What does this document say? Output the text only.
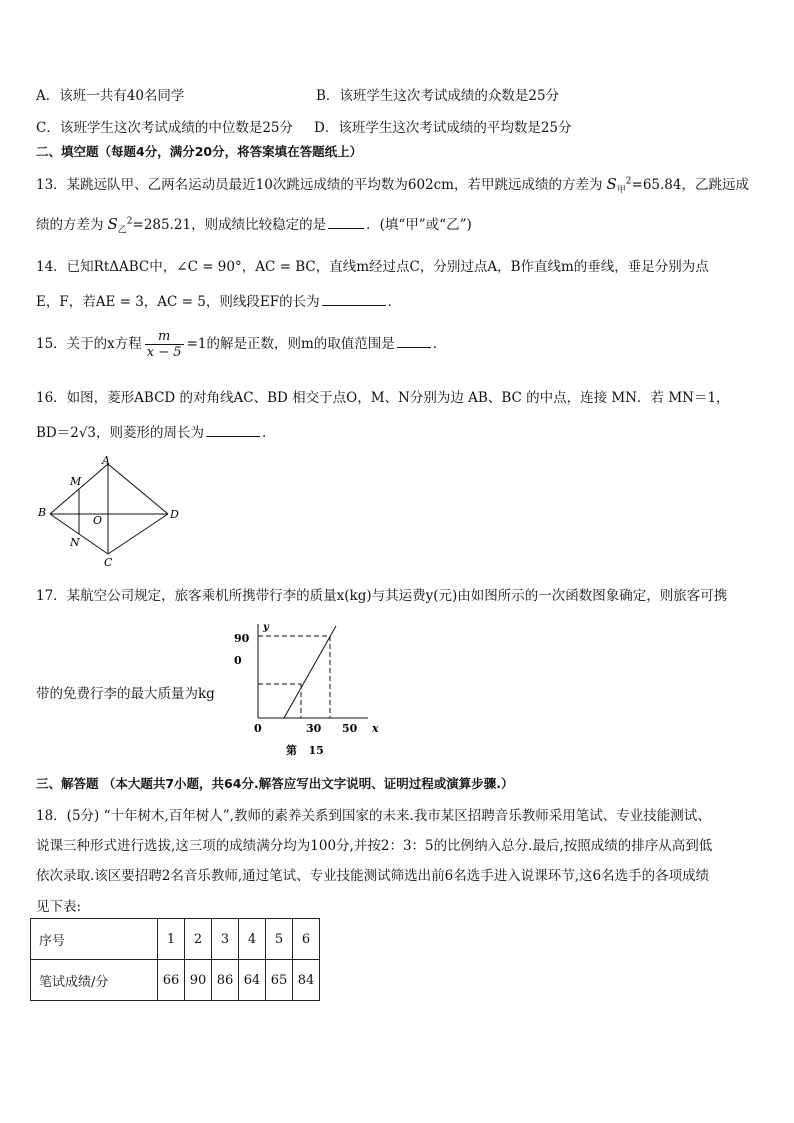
A．该班一共有40名同学	B．该班学生这次考试成绩的众数是25分
C．该班学生这次考试成绩的中位数是25分 D．该班学生这次考试成绩的平均数是25分
二、填空题（每题4分，满分20分，将答案填在答题纸上）
13．某跳远队甲、乙两名运动员最近10次跳远成绩的平均数为602cm，若甲跳远成绩的方差为 $S_甲^2=65.84$，乙跳远成
绩的方差为 $S_乙^2=285.21$，则成绩比较稳定的是	．(填“甲”或“乙”)
14．已知RtΔABC中，∠C = 90°，AC = BC，直线m经过点C，分别过点A，B作直线m的垂线，垂足分别为点
E，F，若AE = 3，AC = 5，则线段EF的长为	．
15．关于的x方程 $\frac{m}{x - 5} =1$的解是正数，则m的取值范围是	．
16．如图，菱形ABCD 的对角线AC、BD 相交于点O，M、N分别为边 AB、BC 的中点，连接 MN．若 MN＝1，
BD＝2√3，则菱形的周长为	.
A
B
C
D
M
N
O
17．某航空公司规定，旅客乘机所携带行李的质量x(kg)与其运费y(元)由如图所示的一次函数图象确定，则旅客可携
带的免费行李的最大质量为kg
y
x
90
0
0	30 50
第   15
三、解答题 （本大题共7小题，共64分.解答应写出文字说明、证明过程或演算步骤.）
18．(5分) “十年树木,百年树人”,教师的素养关系到国家的未来.我市某区招聘音乐教师采用笔试、专业技能测试、
说课三种形式进行选拔,这三项的成绩满分均为100分,并按2：3：5的比例纳入总分.最后,按照成绩的排序从高到低
依次录取.该区要招聘2名音乐教师,通过笔试、专业技能测试筛选出前6名选手进入说课环节,这6名选手的各项成绩
见下表:
序号	1	2	3	4	5	6
笔试成绩/分	66	90	86	64	65	84
